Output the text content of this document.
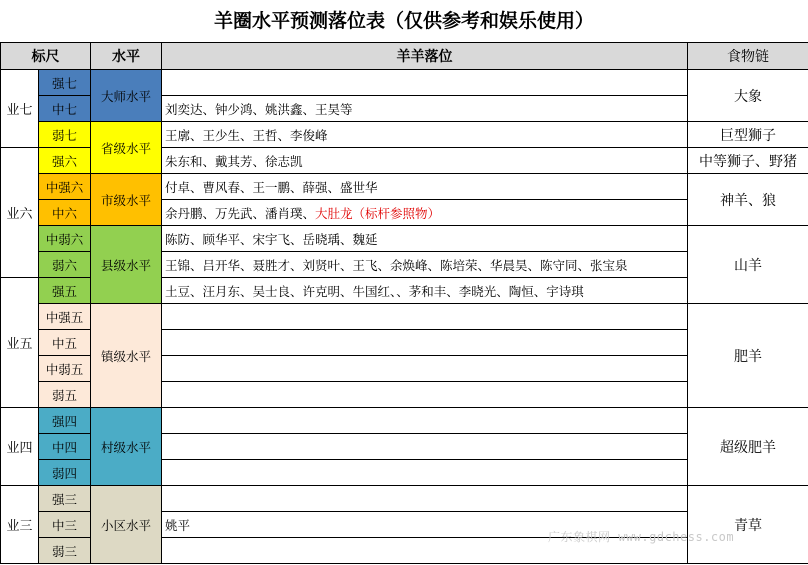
羊圈水平预测落位表（仅供参考和娱乐使用）
标尺		水平	羊羊落位	食物链
业七	强七	大师水平		大象
	中七		刘奕达、钟少鸿、姚洪鑫、王昊等	
	弱七	省级水平	王廓、王少生、王哲、李俊峰	巨型狮子
业六	强六		朱东和、戴其芳、徐志凯	中等狮子、野猪
	中强六	市级水平	付卓、曹风春、王一鹏、薛强、盛世华	神羊、狼
	中六		余丹鹏、万先武、潘肖璞、大肚龙（标杆参照物）	
	中弱六	县级水平	陈防、顾华平、宋宇飞、岳晓瑀、魏延	山羊
	弱六		王锦、吕开华、聂胜才、刘贤叶、王飞、余焕峰、陈培荣、华晨昊、陈守同、张宝泉	
业五	强五		土豆、汪月东、吴士良、许克明、牛国红、、茅和丰、李晓光、陶恒、宇诗琪	
	中强五	镇级水平		肥羊
	中五			
	中弱五			
	弱五			
业四	强四	村级水平		超级肥羊
	中四			
	弱四			
业三	强三	小区水平		青草
	中三		姚平	
	弱三			
广东象棋网 www.gdchess.com
